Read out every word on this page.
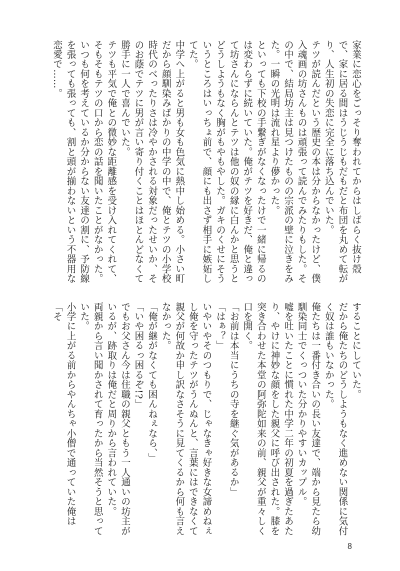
家業に恋心をごっそり奪われてからはしばらく抜け殻で、家に居る間はうじうじもだもだと布団を丸めて転がり、人生初の失恋に完全に落ち込んでいた。
テツが読んだという歴史の本は分からなかったけど、僕入魂画の坊さんものは頑張って読んでみたりもした。その中で、結局坊主は見つけたものの宗派の壁に泣きをみた。一瞬の光明は流れ星より儚かった。
といっても下校の手繋ぎがなくなったけで一緒に帰るのは変わらずに続いていた。俺がテツを好きだ、俺と違って坊さんにならんとテツは他の奴の縁に白んかと思うとどうしようもなく胸がもやもやした。ガキのくせにそういうところはいっちょ前で、顔にも出さず相手に嫉妬してた。
中学へ上がると男も女も色気に熱中し始める。小さい町だから顔馴染みばかりの中学の中で、俺とテツの小学校時代のべったりさは冷やかされる対象だったせいか、そのお蔭でテツに男が言い寄り付くことはほとんどなくて勝手に一人で喜んでいた。
テツも平気で俺との微妙な距離感を受け入れてくれて、そもそもテツの口から恋の話を聞いたことがなかった。いつも何を考えているか分からない友達の割に、予防線を張っても張っても、割と頭が揃わないという不器用な恋愛で……。
することにしていた。
だから俺たちのどうしようもなく進めない関係に気付く奴は誰もいなかった。
俺たちは一番付き合いの長い友達で、端から見たら幼馴染同士でくっついた分かりやすいカップル。
嘘を吐いたことに慣れた中学二年の初夏を過ぎたあたり、やけに神妙な顔をした親父に呼び出された。膝を突き合わせた本堂の阿弥陀如来の前、親父が重々しく口を開く。
「お前は本当にうちの寺を継ぐ気があるか」
「はぁ？」
いやいやそのつもりで、じゃなきゃ好きな女諦めねぇし俺を守ったテツがうんぬんと、言葉にはできなくて親父が何故か申し訳なさそうに見てくるから何も言えなかった。
「俺が継がなくても困んねぇなら、」
「いや困るっ困るぞ!?」
でもお父さん今は住職の親父ともう一人通いの坊主がいるが、跡取りは俺だと周りから言われていた。
両親から言い聞かされて育ったから当然そうと思っていた。
小学に上がる前からやんちゃ小僧で通っていた俺は「そ
8
